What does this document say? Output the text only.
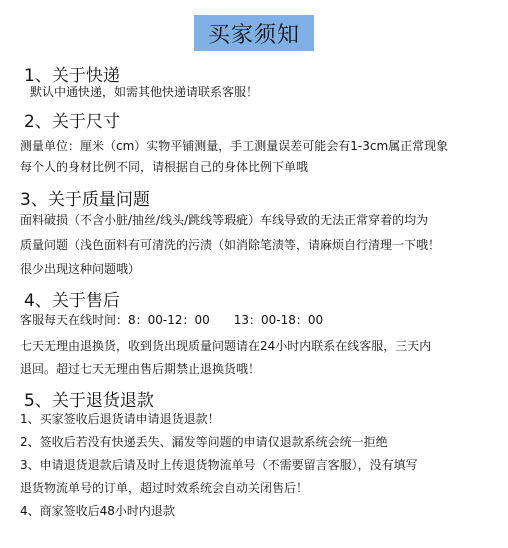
买家须知
1、关于快递
默认中通快递，如需其他快递请联系客服！
2、关于尺寸
测量单位：厘米（cm）实物平铺测量，手工测量误差可能会有1-3cm属正常现象
每个人的身材比例不同，请根据自己的身体比例下单哦
3、关于质量问题
面料破损（不含小脏/抽丝/线头/跳线等瑕疵）车线导致的无法正常穿着的均为
质量问题（浅色面料有可清洗的污渍（如消除笔渍等，请麻烦自行清理一下哦！
很少出现这种问题哦）
4、关于售后
客服每天在线时间：8：00-12：00　　13：00-18：00
七天无理由退换货，收到货出现质量问题请在24小时内联系在线客服，三天内
退回。超过七天无理由售后期禁止退换货哦！
5、关于退货退款
1、买家签收后退货请申请退货退款！
2、签收后若没有快递丢失、漏发等问题的申请仅退款系统会统一拒绝
3、申请退货退款后请及时上传退货物流单号（不需要留言客服），没有填写
退货物流单号的订单，超过时效系统会自动关闭售后！
4、商家签收后48小时内退款
